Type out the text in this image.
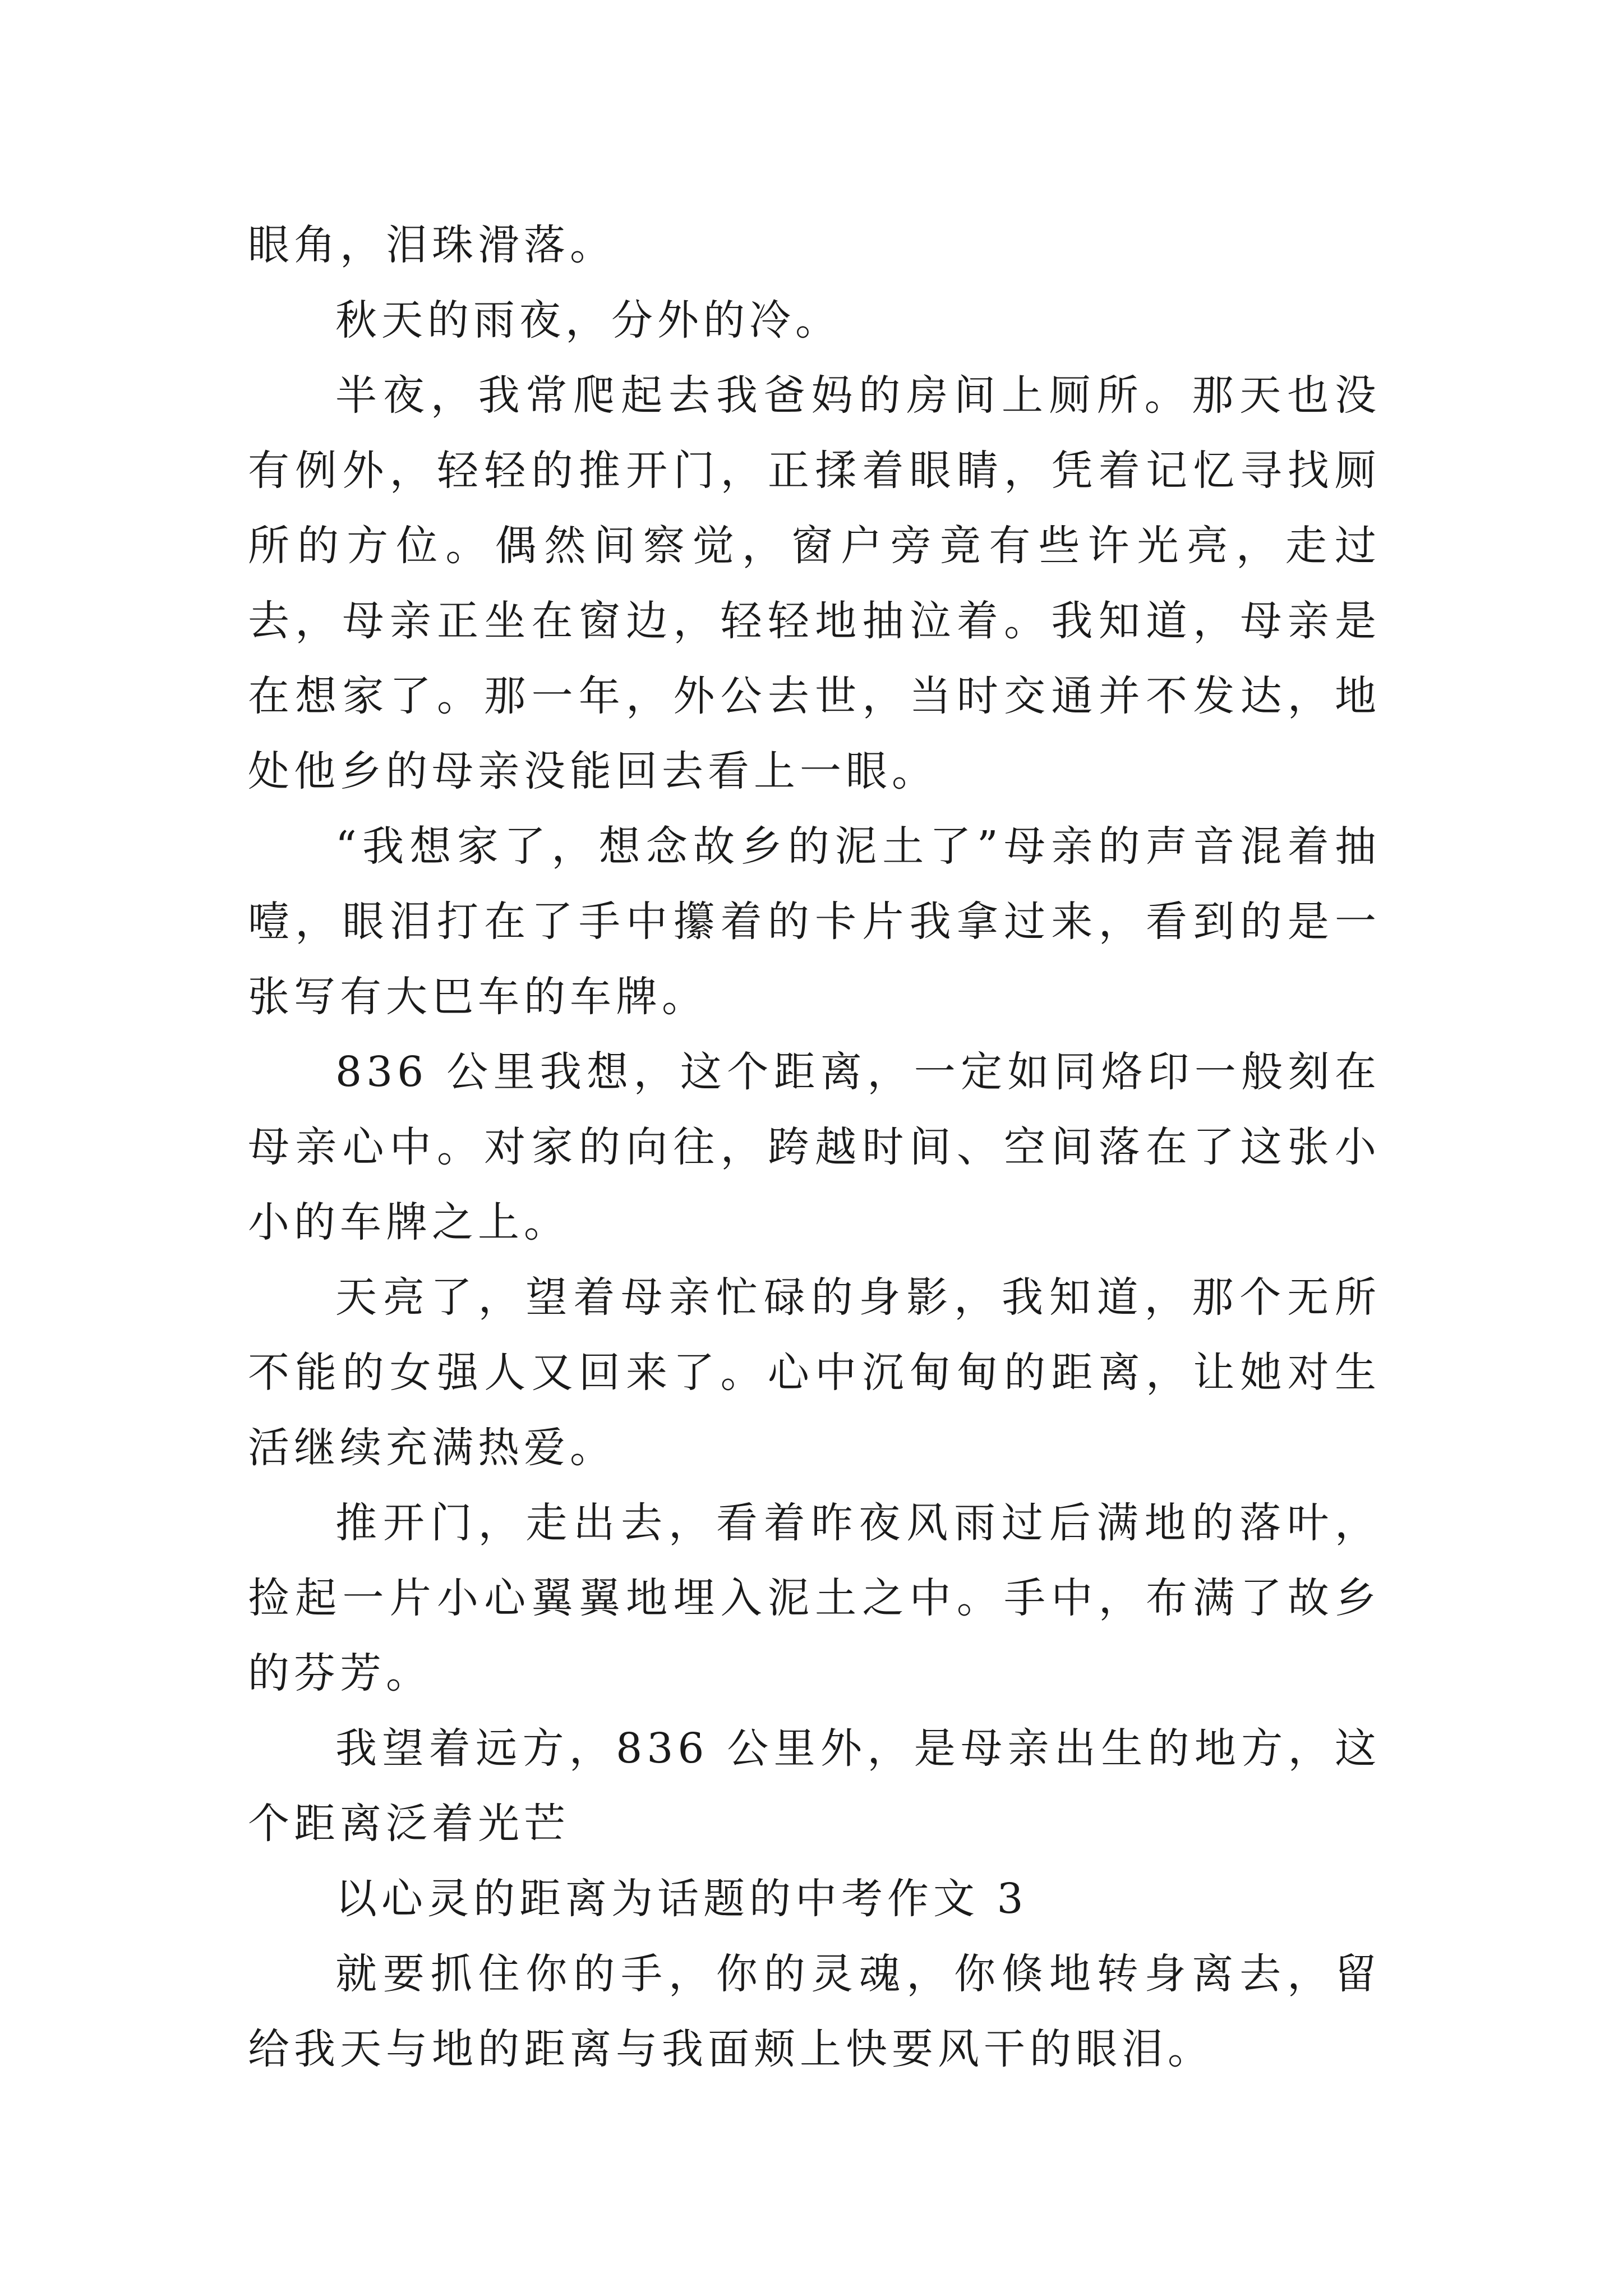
眼角，泪珠滑落。

秋天的雨夜，分外的冷。

半夜，我常爬起去我爸妈的房间上厕所。那天也没有例外，轻轻的推开门，正揉着眼睛，凭着记忆寻找厕所的方位。偶然间察觉，窗户旁竟有些许光亮，走过去，母亲正坐在窗边，轻轻地抽泣着。我知道，母亲是在想家了。那一年，外公去世，当时交通并不发达，地处他乡的母亲没能回去看上一眼。

“我想家了，想念故乡的泥土了”母亲的声音混着抽噎，眼泪打在了手中攥着的卡片我拿过来，看到的是一张写有大巴车的车牌。

836 公里我想，这个距离，一定如同烙印一般刻在母亲心中。对家的向往，跨越时间、空间落在了这张小小的车牌之上。

天亮了，望着母亲忙碌的身影，我知道，那个无所不能的女强人又回来了。心中沉甸甸的距离，让她对生活继续充满热爱。

推开门，走出去，看着昨夜风雨过后满地的落叶，捡起一片小心翼翼地埋入泥土之中。手中，布满了故乡的芬芳。

我望着远方，836 公里外，是母亲出生的地方，这个距离泛着光芒

以心灵的距离为话题的中考作文 3

就要抓住你的手，你的灵魂，你倏地转身离去，留给我天与地的距离与我面颊上快要风干的眼泪。
